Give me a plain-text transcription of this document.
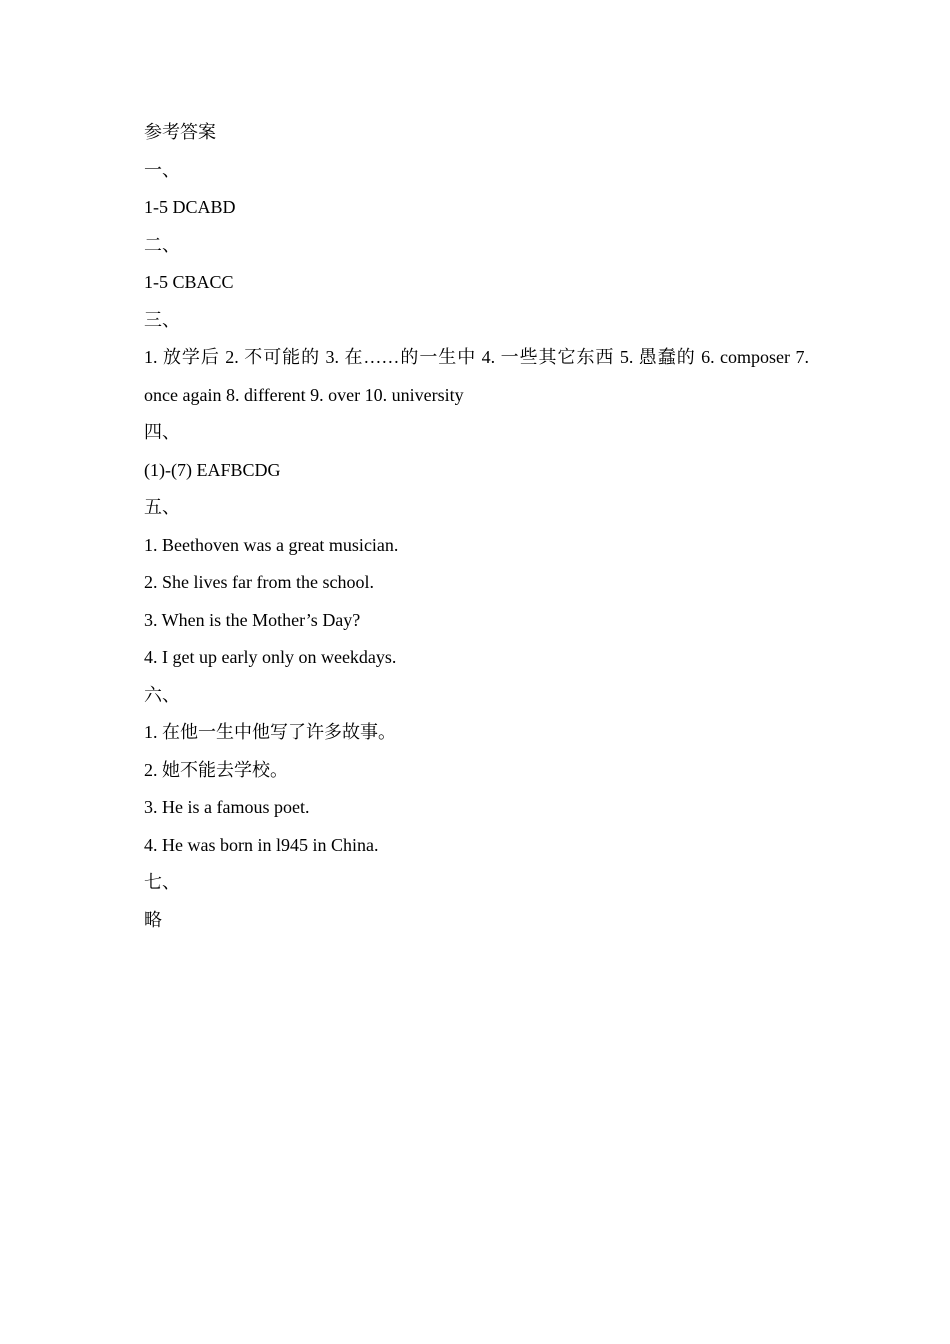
参考答案
一、
1-5 DCABD
二、
1-5 CBACC
三、
1. 放学后 2. 不可能的 3. 在……的一生中 4. 一些其它东西 5. 愚蠢的 6. composer 7. once again 8. different 9. over 10. university
四、
(1)-(7) EAFBCDG
五、
1. Beethoven was a great musician.
2. She lives far from the school.
3. When is the Mother’s Day?
4. I get up early only on weekdays.
六、
1. 在他一生中他写了许多故事。
2. 她不能去学校。
3. He is a famous poet.
4. He was born in l945 in China.
七、
略
